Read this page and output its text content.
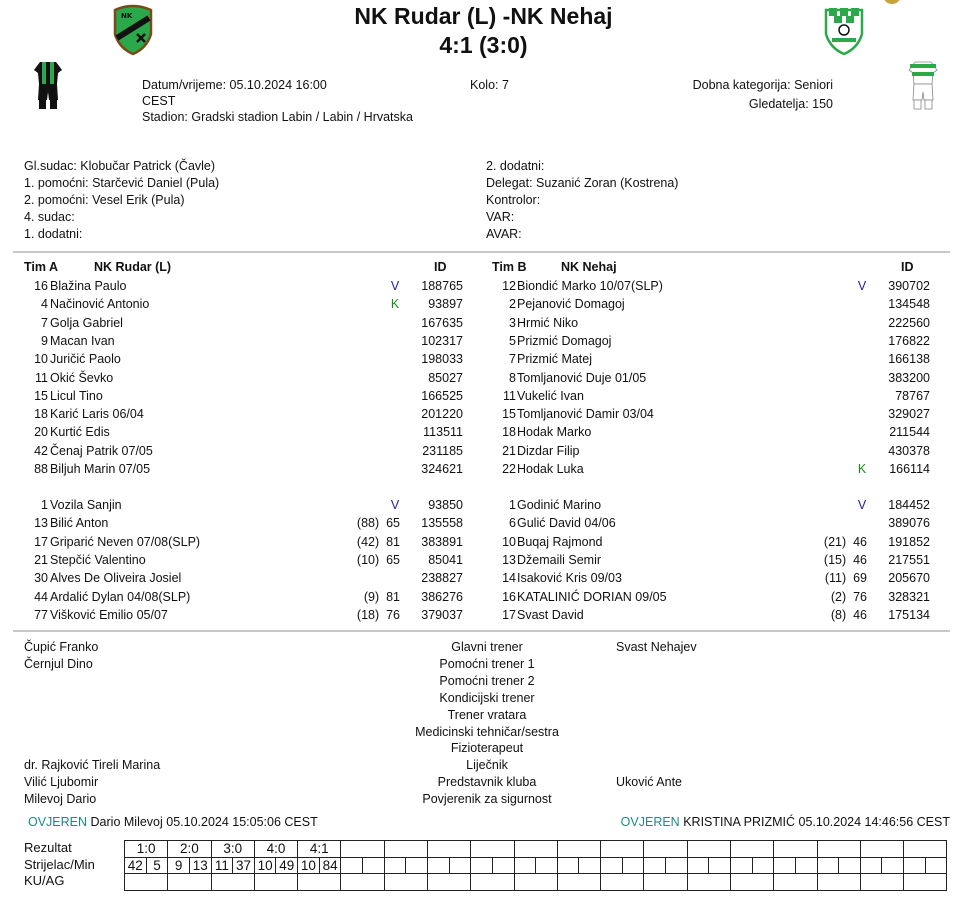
NK Rudar (L) -NK Nehaj
4:1 (3:0)
NK
Datum/vrijeme: 05.10.2024 16:00
CEST
Stadion: Gradski stadion Labin / Labin / Hrvatska
Kolo: 7	Dobna kategorija: Seniori
Gledatelja: 150
Gl.sudac: Klobučar Patrick (Čavle)
1. pomoćni: Starčević Daniel (Pula)
2. pomoćni: Vesel Erik (Pula)
4. sudac:
1. dodatni:
2. dodatni:
Delegat: Suzanić Zoran (Kostrena)
Kontrolor:
VAR:
AVAR:
Tim A	NK Rudar (L)	ID	Tim B	NK Nehaj	ID
16 Blažina Paulo	V	188765
4 Načinović Antonio	K	93897
7 Golja Gabriel	167635
9 Macan Ivan	102317
10 Juričić Paolo	198033
11 Okić Ševko	85027
15 Licul Tino	166525
18 Karić Laris 06/04	201220
20 Kurtić Edis	113511
42 Čenaj Patrik 07/05	231185
88 Biljuh Marin 07/05	324621
1 Vozila Sanjin	V	93850
13 Bilić Anton	(88)  65	135558
17 Griparić Neven 07/08(SLP)	(42)  81	383891
21 Stepčić Valentino	(10)  65	85041
30 Alves De Oliveira Josiel	238827
44 Ardalić Dylan 04/08(SLP)	(9)  81	386276
77 Višković Emilio 05/07	(18)  76	379037
12 Biondić Marko 10/07(SLP)	V	390702
2 Pejanović Domagoj	134548
3 Hrmić Niko	222560
5 Prizmić Domagoj	176822
7 Prizmić Matej	166138
8 Tomljanović Duje 01/05	383200
11 Vukelić Ivan	78767
15 Tomljanović Damir 03/04	329027
18 Hodak Marko	211544
21 Dizdar Filip	430378
22 Hodak Luka	K	166114
1 Godinić Marino	V	184452
6 Gulić David 04/06	389076
10 Buqaj Rajmond	(21)  46	191852
13 Džemaili Semir	(15)  46	217551
14 Isaković Kris 09/03	(11)  69	205670
16 KATALINIĆ DORIAN 09/05	(2)  76	328321
17 Svast David	(8)  46	175134
Čupić Franko	Glavni trener	Svast Nehajev
Černjul Dino	Pomoćni trener 1
Pomoćni trener 2
Kondicijski trener
Trener vratara
Medicinski tehničar/sestra
Fizioterapeut
dr. Rajković Tireli Marina	Liječnik
Vilić Ljubomir	Predstavnik kluba	Uković Ante
Milevoj Dario	Povjerenik za sigurnost
OVJEREN Dario Milevoj 05.10.2024 15:05:06 CEST	OVJEREN KRISTINA PRIZMIĆ 05.10.2024 14:46:56 CEST
Rezultat
Strijelac/Min
KU/AG
1:0		2:0		3:0		4:0		4:1																													
42	5	9	13	11	37	10	49	10	84																												
